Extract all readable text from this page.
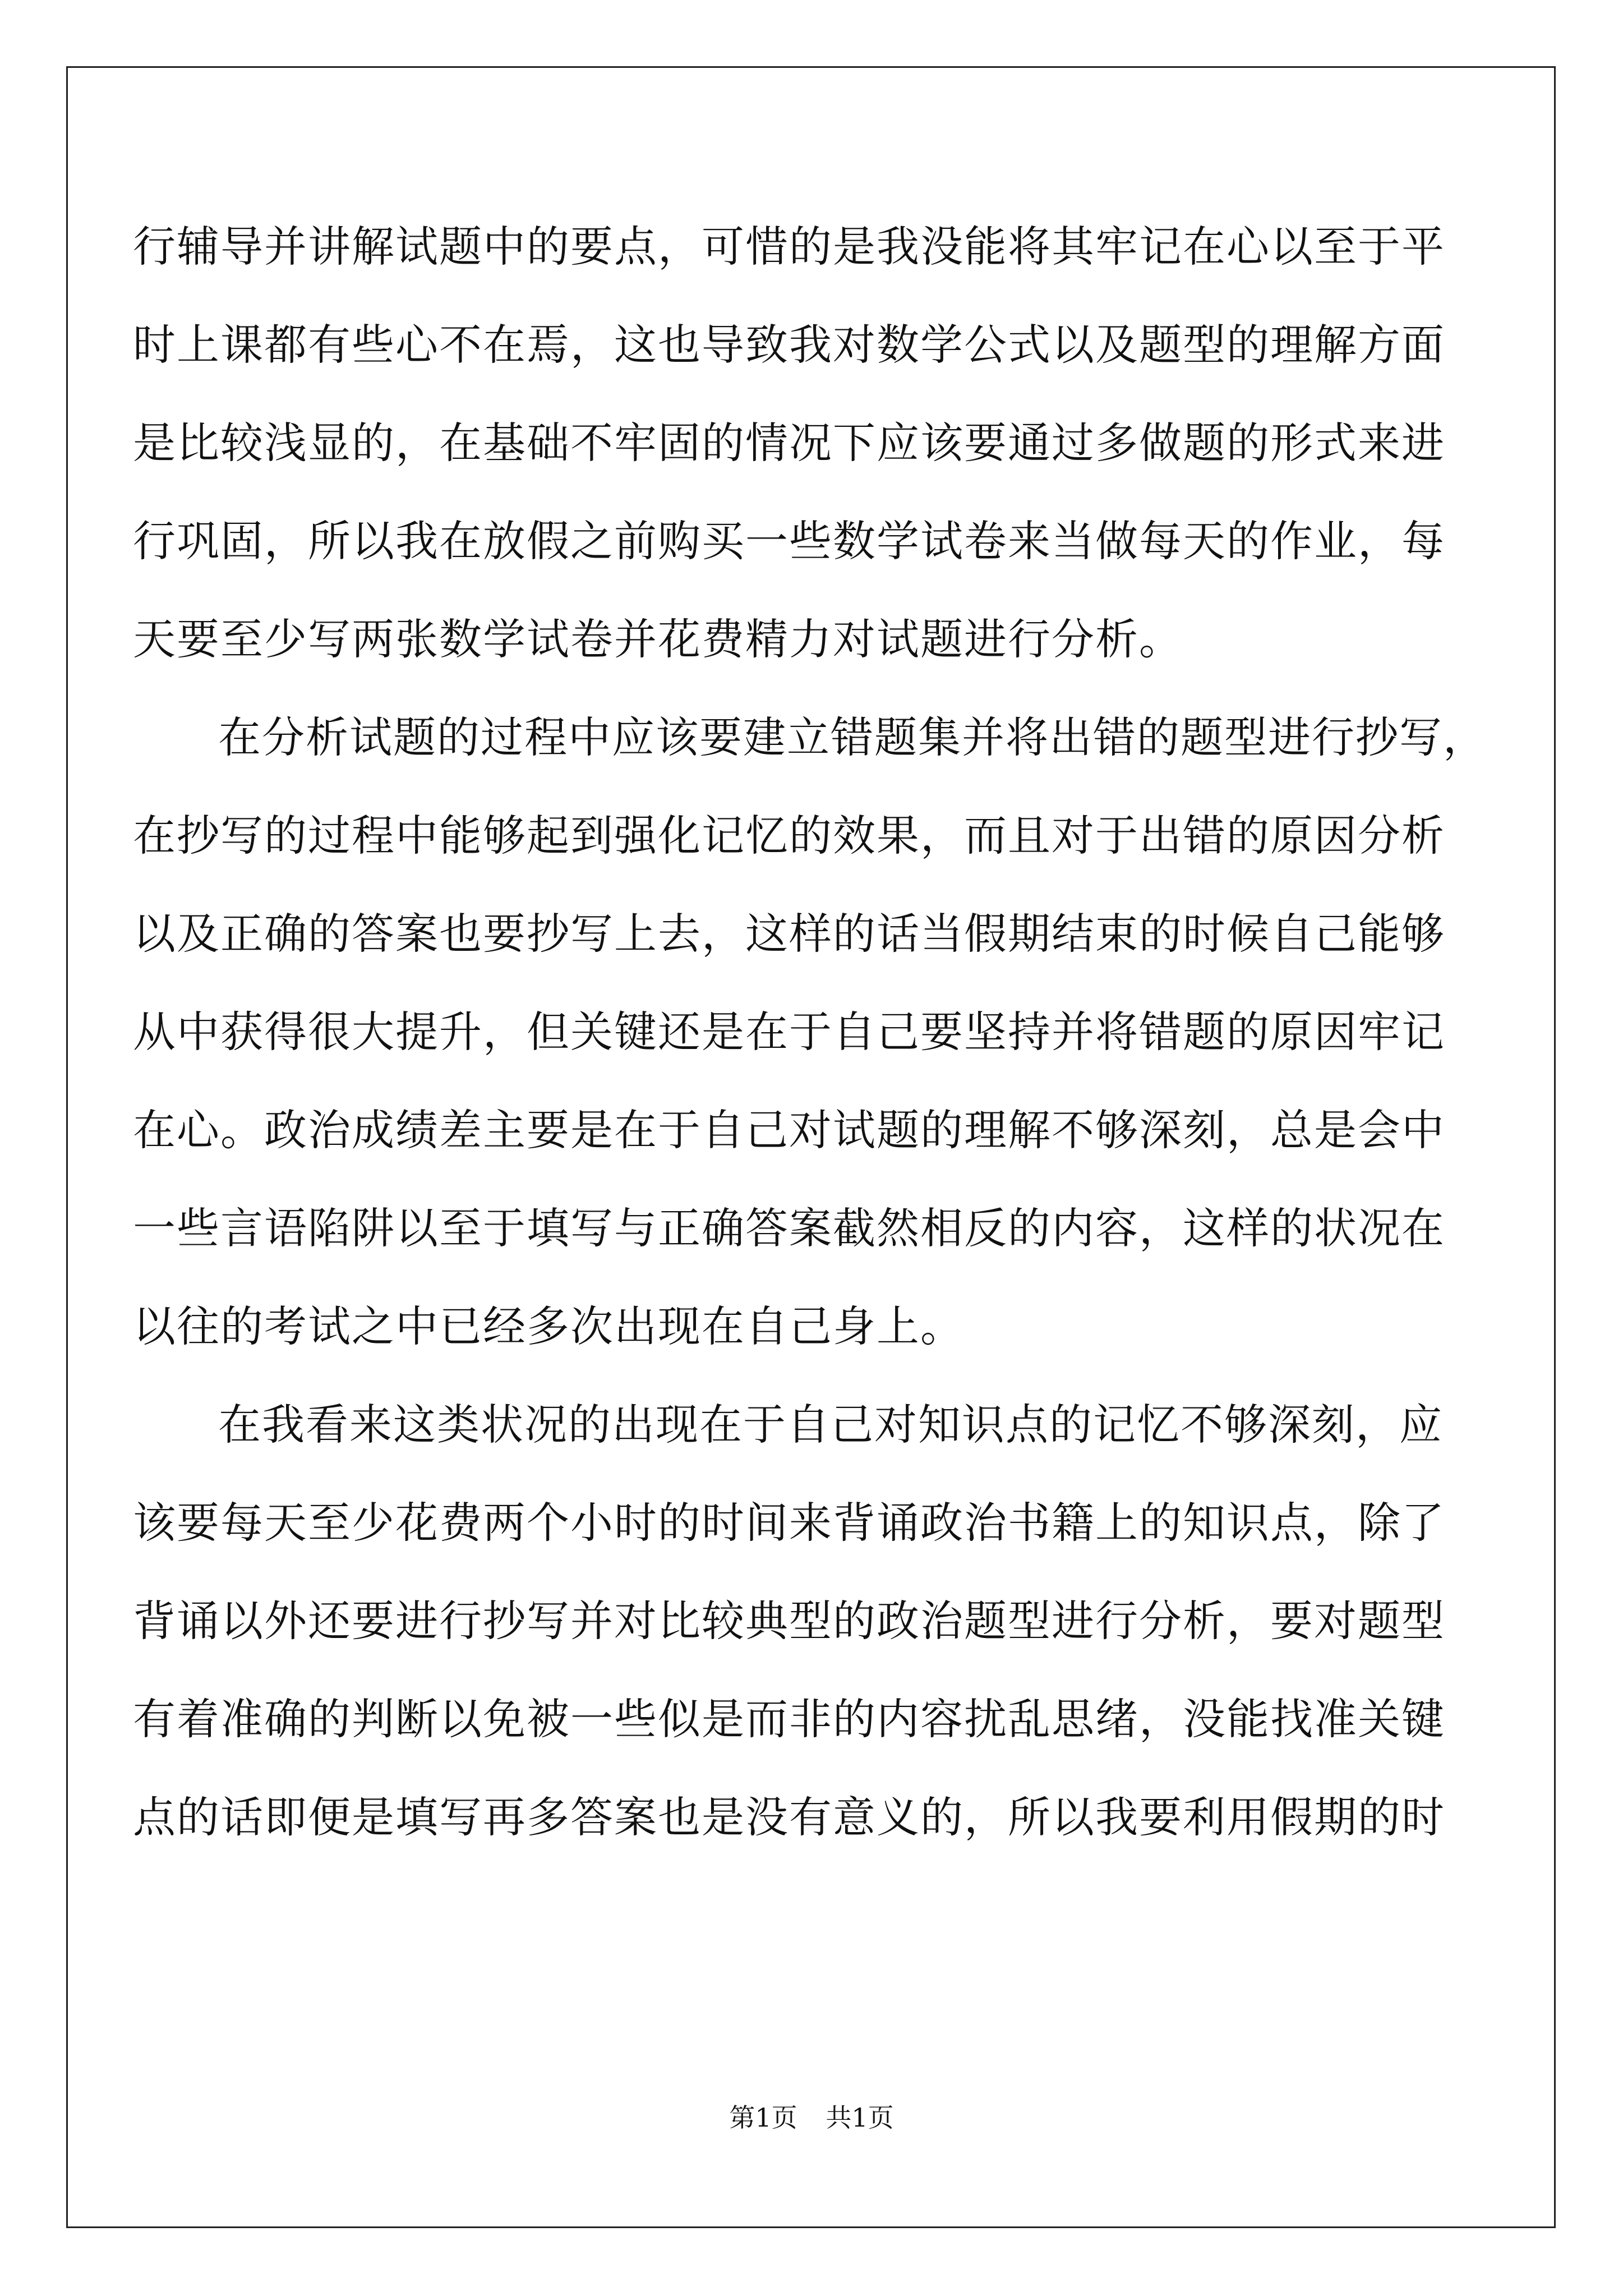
行辅导并讲解试题中的要点，可惜的是我没能将其牢记在心以至于平
时上课都有些心不在焉，这也导致我对数学公式以及题型的理解方面
是比较浅显的，在基础不牢固的情况下应该要通过多做题的形式来进
行巩固，所以我在放假之前购买一些数学试卷来当做每天的作业，每
天要至少写两张数学试卷并花费精力对试题进行分析。
在分析试题的过程中应该要建立错题集并将出错的题型进行抄写，
在抄写的过程中能够起到强化记忆的效果，而且对于出错的原因分析
以及正确的答案也要抄写上去，这样的话当假期结束的时候自己能够
从中获得很大提升，但关键还是在于自己要坚持并将错题的原因牢记
在心。政治成绩差主要是在于自己对试题的理解不够深刻，总是会中
一些言语陷阱以至于填写与正确答案截然相反的内容，这样的状况在
以往的考试之中已经多次出现在自己身上。
在我看来这类状况的出现在于自己对知识点的记忆不够深刻，应
该要每天至少花费两个小时的时间来背诵政治书籍上的知识点，除了
背诵以外还要进行抄写并对比较典型的政治题型进行分析，要对题型
有着准确的判断以免被一些似是而非的内容扰乱思绪，没能找准关键
点的话即便是填写再多答案也是没有意义的，所以我要利用假期的时
第1页 共1页
